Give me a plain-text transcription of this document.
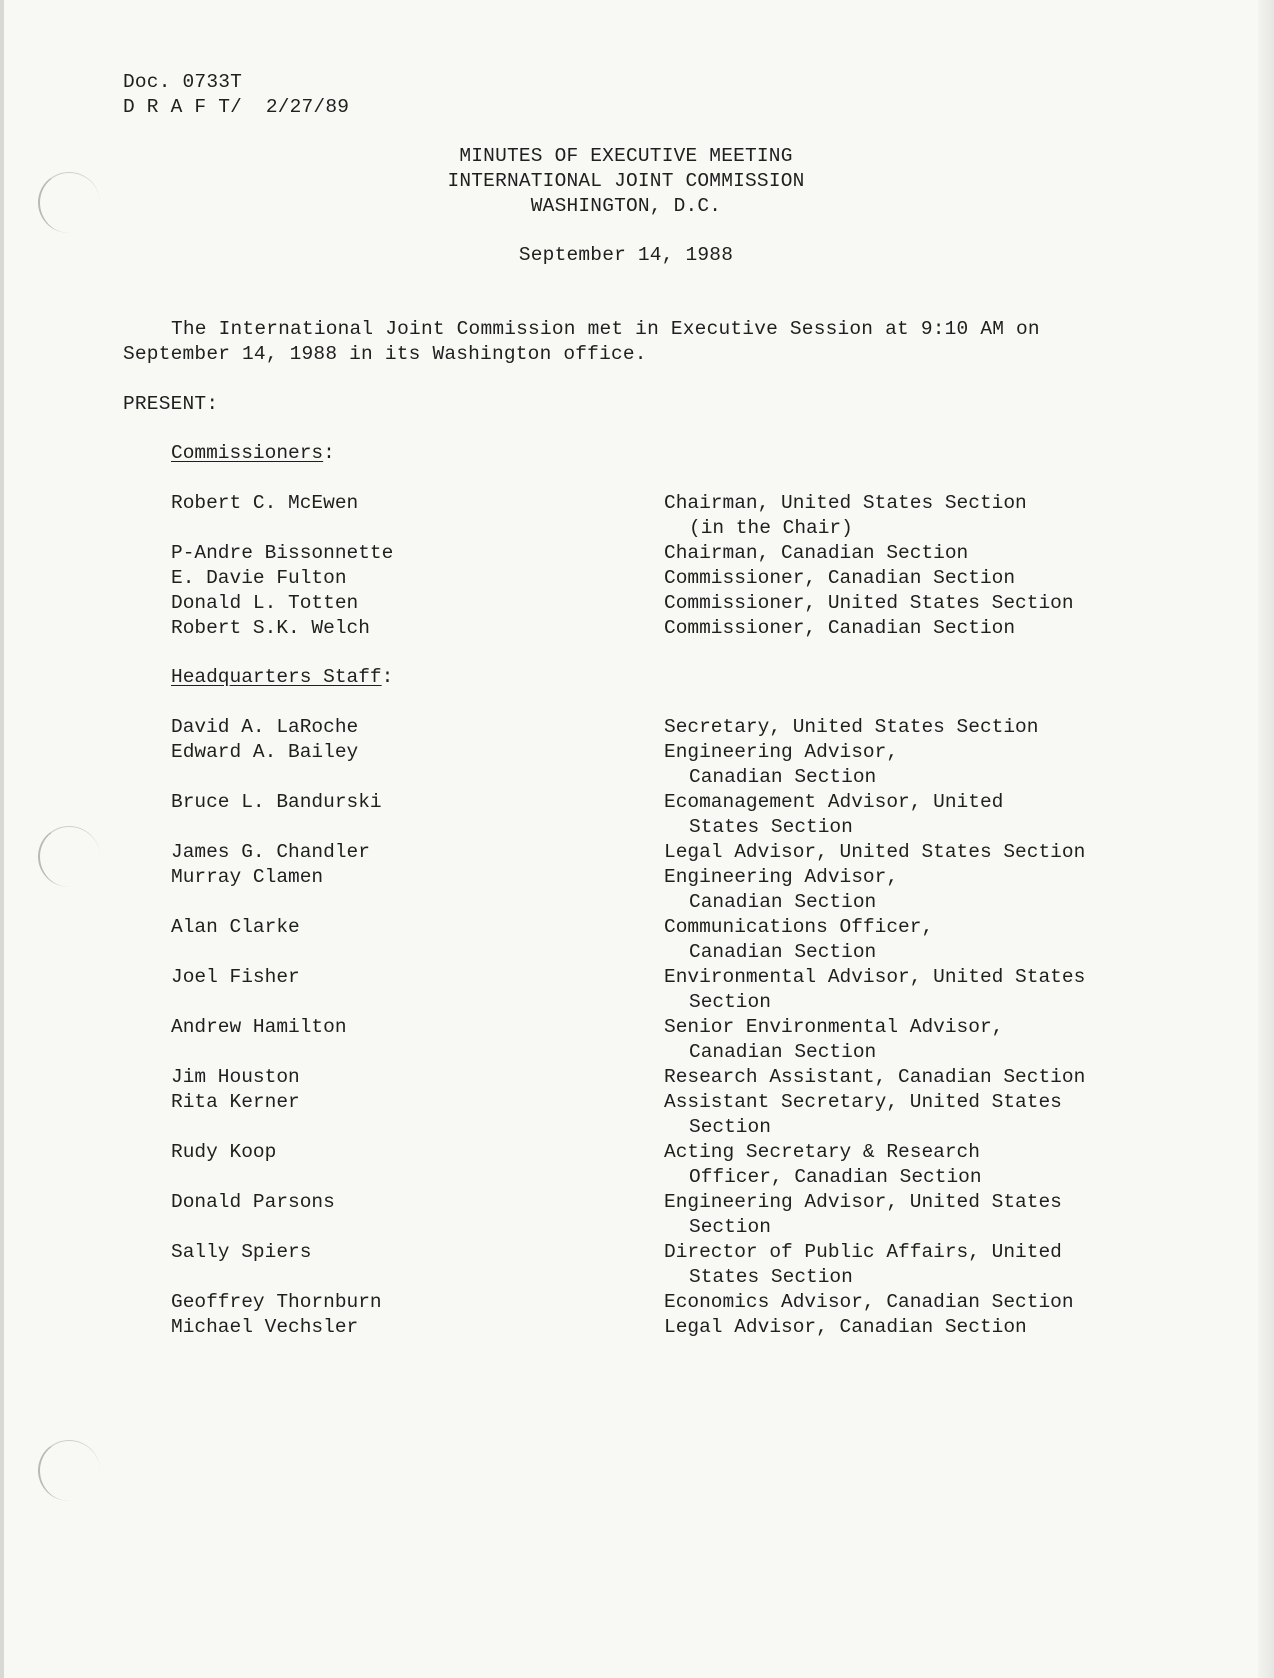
Doc. 0733T
D R A F T/  2/27/89
MINUTES OF EXECUTIVE MEETING
INTERNATIONAL JOINT COMMISSION
WASHINGTON, D.C.
September 14, 1988
The International Joint Commission met in Executive Session at 9:10 AM on
September 14, 1988 in its Washington office.
PRESENT:
Commissioners:
Robert C. McEwen	Chairman, United States Section
(in the Chair)
P-Andre Bissonnette	Chairman, Canadian Section
E. Davie Fulton	Commissioner, Canadian Section
Donald L. Totten	Commissioner, United States Section
Robert S.K. Welch	Commissioner, Canadian Section
Headquarters Staff:
David A. LaRoche	Secretary, United States Section
Edward A. Bailey	Engineering Advisor,
Canadian Section
Bruce L. Bandurski	Ecomanagement Advisor, United
States Section
James G. Chandler	Legal Advisor, United States Section
Murray Clamen	Engineering Advisor,
Canadian Section
Alan Clarke	Communications Officer,
Canadian Section
Joel Fisher	Environmental Advisor, United States
Section
Andrew Hamilton	Senior Environmental Advisor,
Canadian Section
Jim Houston	Research Assistant, Canadian Section
Rita Kerner	Assistant Secretary, United States
Section
Rudy Koop	Acting Secretary & Research
Officer, Canadian Section
Donald Parsons	Engineering Advisor, United States
Section
Sally Spiers	Director of Public Affairs, United
States Section
Geoffrey Thornburn	Economics Advisor, Canadian Section
Michael Vechsler	Legal Advisor, Canadian Section
